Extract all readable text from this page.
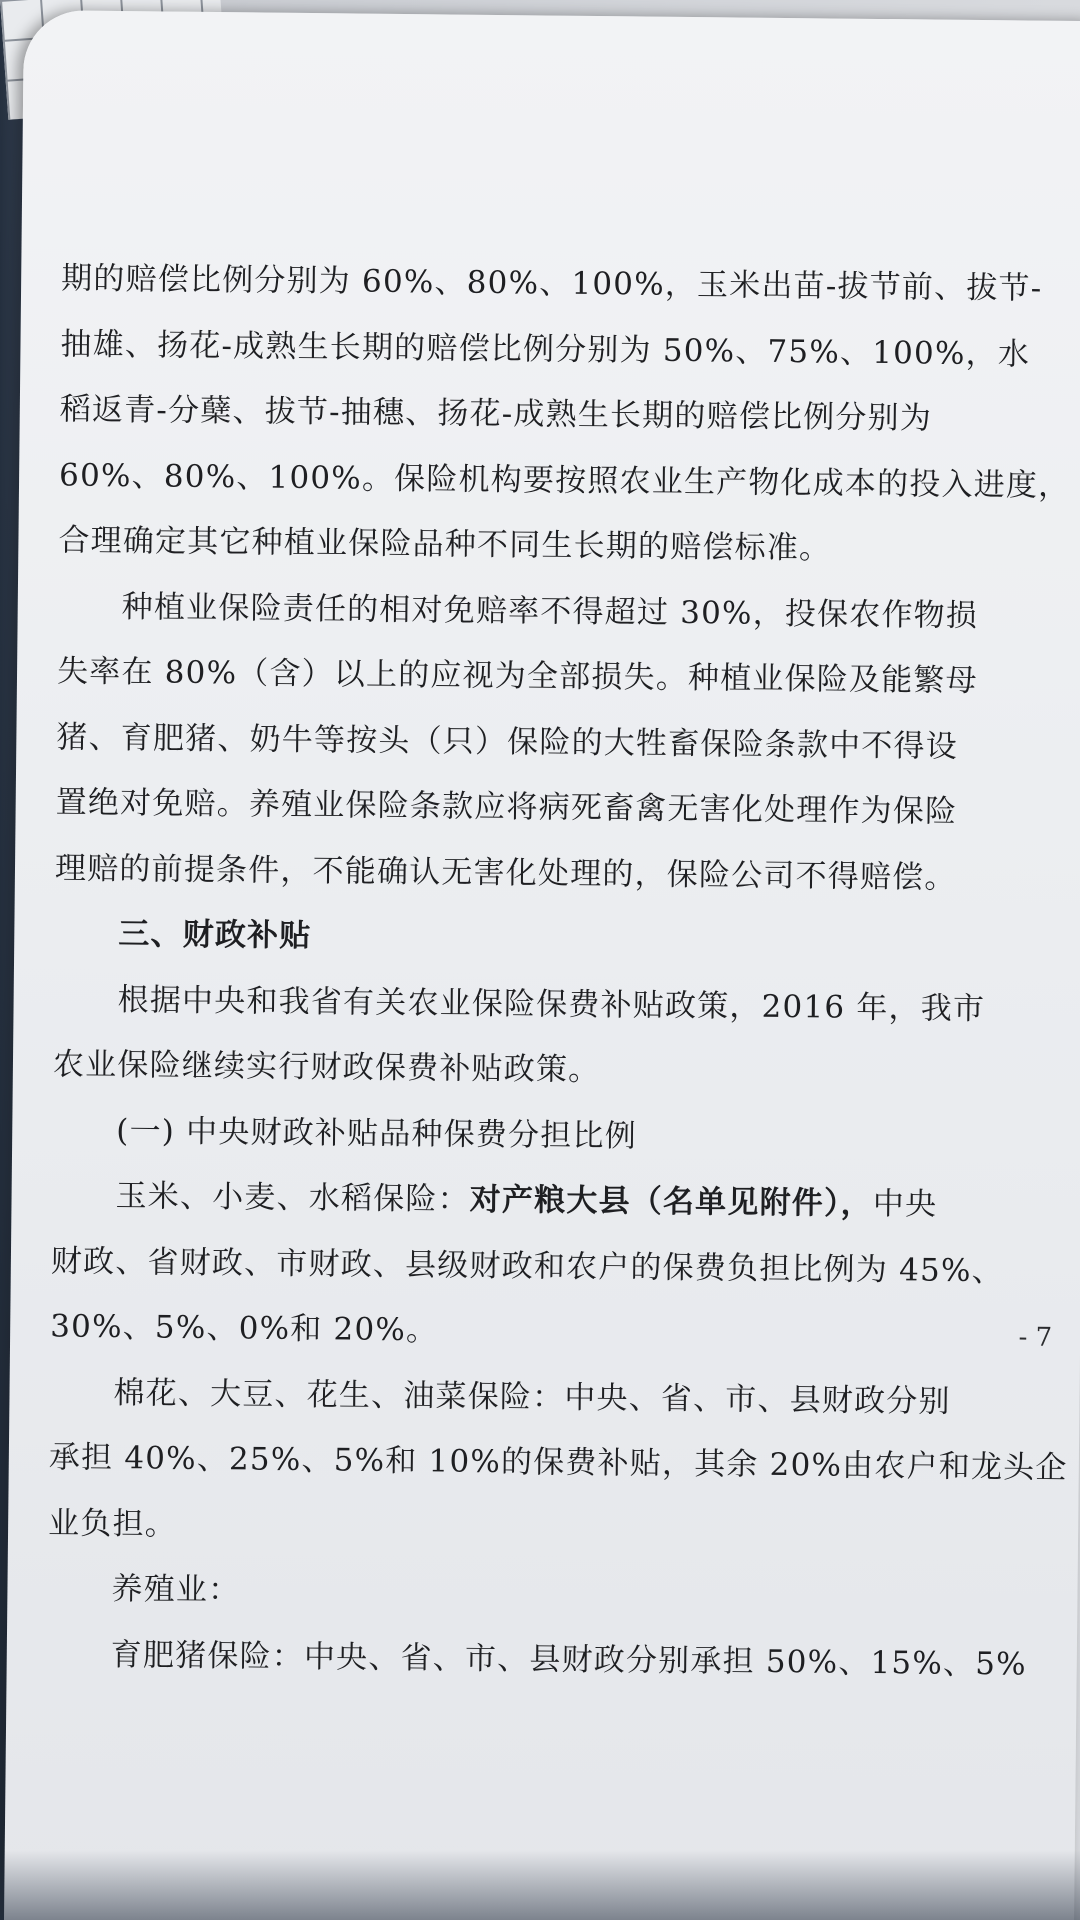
期的赔偿比例分别为 60%、80%、100%，玉米出苗-拔节前、拔节-
抽雄、扬花-成熟生长期的赔偿比例分别为 50%、75%、100%，水
稻返青-分蘖、拔节-抽穗、扬花-成熟生长期的赔偿比例分别为
60%、80%、100%。保险机构要按照农业生产物化成本的投入进度，
合理确定其它种植业保险品种不同生长期的赔偿标准。
种植业保险责任的相对免赔率不得超过 30%，投保农作物损
失率在 80%（含）以上的应视为全部损失。种植业保险及能繁母
猪、育肥猪、奶牛等按头（只）保险的大牲畜保险条款中不得设
置绝对免赔。养殖业保险条款应将病死畜禽无害化处理作为保险
理赔的前提条件，不能确认无害化处理的，保险公司不得赔偿。
三、财政补贴
根据中央和我省有关农业保险保费补贴政策，2016 年，我市
农业保险继续实行财政保费补贴政策。
(一) 中央财政补贴品种保费分担比例
玉米、小麦、水稻保险：对产粮大县（名单见附件），中央
财政、省财政、市财政、县级财政和农户的保费负担比例为 45%、
30%、5%、0%和 20%。
棉花、大豆、花生、油菜保险：中央、省、市、县财政分别
承担 40%、25%、5%和 10%的保费补贴，其余 20%由农户和龙头企
业负担。
养殖业：
育肥猪保险：中央、省、市、县财政分别承担 50%、15%、5%
- 7
